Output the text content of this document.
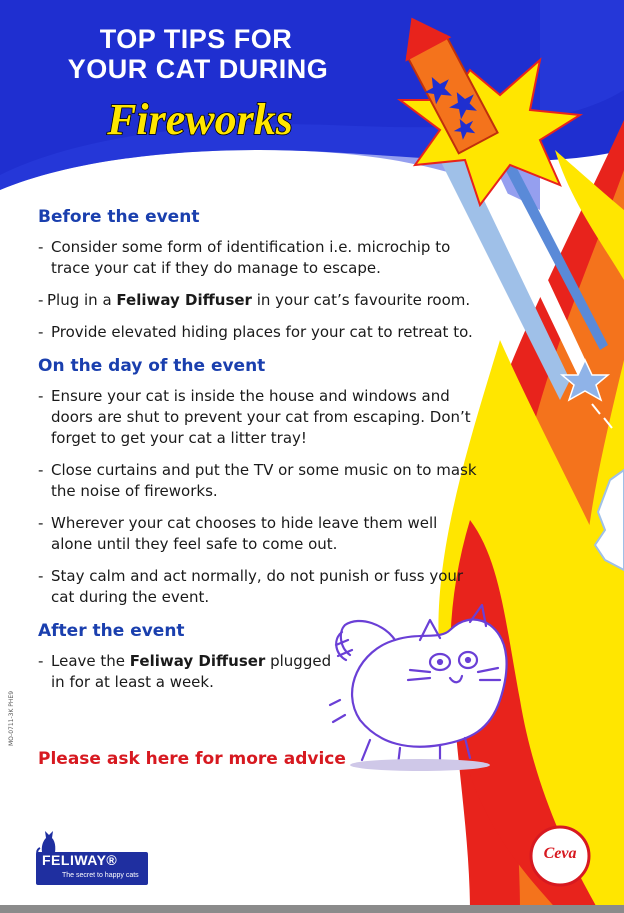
TOP TIPS FOR
YOUR CAT DURING
Fireworks
Before the event
- Consider some form of identification i.e. microchip to trace your cat if they do manage to escape.
- Plug in a Feliway Diffuser in your cat’s favourite room.
- Provide elevated hiding places for your cat to retreat to.
On the day of the event
- Ensure your cat is inside the house and windows and doors are shut to prevent your cat from escaping. Don’t forget to get your cat a litter tray!
- Close curtains and put the TV or some music on to mask the noise of fireworks.
- Wherever your cat chooses to hide leave them well alone until they feel safe to come out.
- Stay calm and act normally, do not punish or fuss your cat during the event.
After the event
- Leave the Feliway Diffuser plugged in for at least a week.
Please ask here for more advice
MO-0711-3K PHE9
FELIWAY®
The secret to happy cats
Ceva
